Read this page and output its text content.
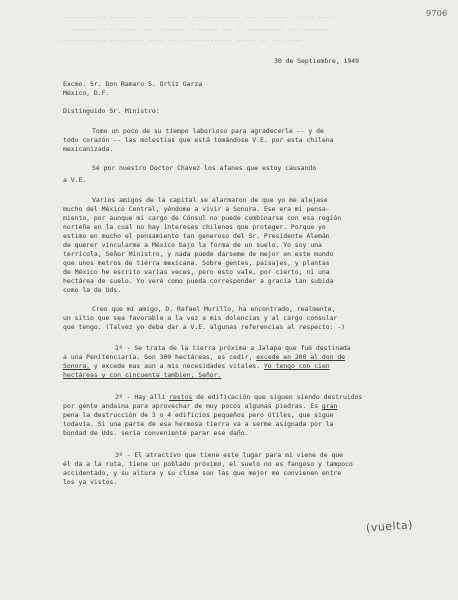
9706
--------- -- -------- -- -- ----- -- ---------- ---- ------- -- -- ----
-- ------ -- -- ----- -- ------- -- ----- --- -- --------- -- --------
--------- -- ---- ---- ---- -- ----- -------- ----- -- -- -----
30 de Septiembre, 1949
Excmo. Sr. Don Ramaro S. Ortiz Garza
México, D.F.
Distinguido Sr. Ministro:
Tomo un poco de su tiempo laborioso para agradecerle -- y de
todo corazón -- las molestias que está tomándose V.E. por esta chilena
mexicanizada.
Sé por nuestro Doctor Chavez los afanes que estoy causando
a V.E.
Varios amigos de la capital se alarmaron de que yo me alejase
mucho del México Central, yéndome a vivir a Sonora. Ese era mi pensa-
miento, por aunque mi cargo de Cónsul no puede combinarse con esa región
norteña en la cual no hay intereses chilenos que proteger. Porque yo
estimo en mucho el pensamiento tan generoso del Sr. Presidente Alemán
de querer vincularme a México bajo la forma de un suelo. Yo soy una
terrícola, Señor Ministro, y nada puede darseme de mejor en este mundo
que unos metros de tierra mexicana. Sobre gentes, paisajes, y plantas
de México he escrito varias veces, pero esto vale, por cierto, ni una
hectárea de suelo. Yo veré como pueda corresponder a gracia tan subida
como la de Uds.
Creo que mi amigo, D. Rafael Murillo, ha encontrado, realmente,
un sitio que sea favorable a la vez a mis dolencias y al cargo consular
que tengo. (Talvez yo deba dar a V.E. algunas referencias al respecto: -)
1º - Se trata de la tierra próxima a Jalapa que fué destinada
a una Penitenciaría. Son 300 hectáreas, es cedir, excede en 200 al don de
Sonora, y excede mas aun a mis necesidades vitales. Yo tengo con cien
hectáreas y con cincuenta tambien, Señor.
2º - Hay allí restos de edificación que siguen siendo destruidos
por gente andaina para aprovechar de muy pocos algunas piedras. Es gran
pena la destrucción de 3 o 4 edificios pequeños pero útiles, que sigue
todavía. Si una parte de esa hermosa tierra va a serme asignada por la
bondad de Uds. sería conveniente parar ese daño.
3º - El atractivo que tiene este lugar para mi viene de que
él da a la ruta, tiene un poblado próximo, el suelo no es fangoso y tampoco
accidentado, y su altura y su clima son las que mejor me convienen entre
los ya vistos.
(vuelta)
